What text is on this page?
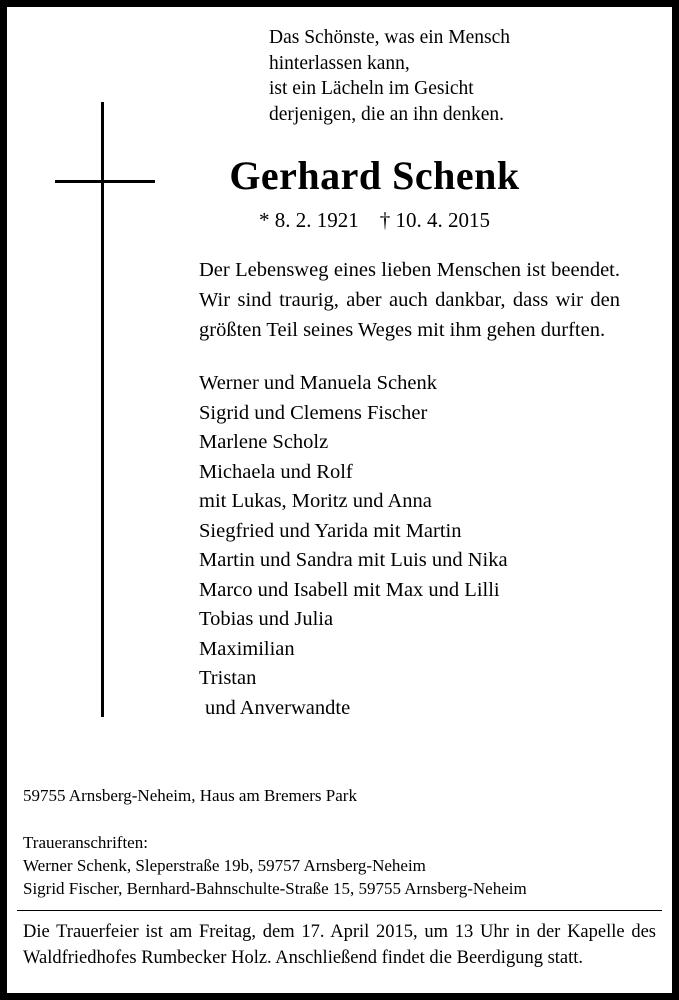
Das Schönste, was ein Mensch
hinterlassen kann,
ist ein Lächeln im Gesicht
derjenigen, die an ihn denken.
Gerhard Schenk
* 8. 2. 1921    † 10. 4. 2015
Der Lebensweg eines lieben Menschen ist beendet. Wir sind traurig, aber auch dankbar, dass wir den größten Teil seines Weges mit ihm gehen durften.
Werner und Manuela Schenk
Sigrid und Clemens Fischer
Marlene Scholz
Michaela und Rolf
mit Lukas, Moritz und Anna
Siegfried und Yarida mit Martin
Martin und Sandra mit Luis und Nika
Marco und Isabell mit Max und Lilli
Tobias und Julia
Maximilian
Tristan
und Anverwandte
59755 Arnsberg-Neheim, Haus am Bremers Park
Traueranschriften:
Werner Schenk, Sleperstraße 19b, 59757 Arnsberg-Neheim
Sigrid Fischer, Bernhard-Bahnschulte-Straße 15, 59755 Arnsberg-Neheim
Die Trauerfeier ist am Freitag, dem 17. April 2015, um 13 Uhr in der Kapelle des Waldfriedhofes Rumbecker Holz. Anschließend findet die Beerdigung statt.
